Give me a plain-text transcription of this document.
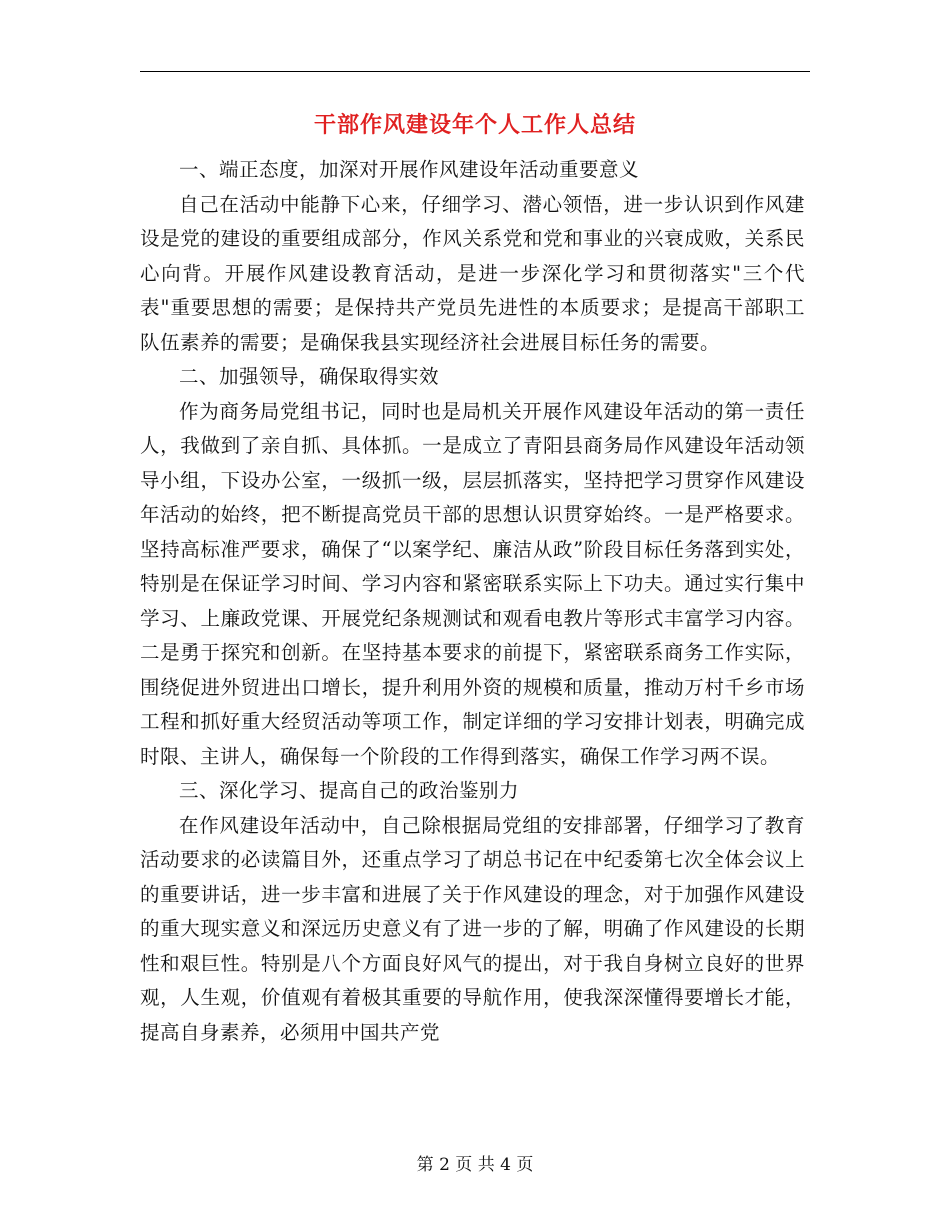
干部作风建设年个人工作人总结

一、端正态度，加深对开展作风建设年活动重要意义

自己在活动中能静下心来，仔细学习、潜心领悟，进一步认识到作风建设是党的建设的重要组成部分，作风关系党和党和事业的兴衰成败，关系民心向背。开展作风建设教育活动，是进一步深化学习和贯彻落实"三个代表"重要思想的需要；是保持共产党员先进性的本质要求；是提高干部职工队伍素养的需要；是确保我县实现经济社会进展目标任务的需要。

二、加强领导，确保取得实效

作为商务局党组书记，同时也是局机关开展作风建设年活动的第一责任人，我做到了亲自抓、具体抓。一是成立了青阳县商务局作风建设年活动领导小组，下设办公室，一级抓一级，层层抓落实，坚持把学习贯穿作风建设年活动的始终，把不断提高党员干部的思想认识贯穿始终。一是严格要求。坚持高标准严要求，确保了“以案学纪、廉洁从政”阶段目标任务落到实处，特别是在保证学习时间、学习内容和紧密联系实际上下功夫。通过实行集中学习、上廉政党课、开展党纪条规测试和观看电教片等形式丰富学习内容。二是勇于探究和创新。在坚持基本要求的前提下，紧密联系商务工作实际，围绕促进外贸进出口增长，提升利用外资的规模和质量，推动万村千乡市场工程和抓好重大经贸活动等项工作，制定详细的学习安排计划表，明确完成时限、主讲人，确保每一个阶段的工作得到落实，确保工作学习两不误。

三、深化学习、提高自己的政治鉴别力

在作风建设年活动中，自己除根据局党组的安排部署，仔细学习了教育活动要求的必读篇目外，还重点学习了胡总书记在中纪委第七次全体会议上的重要讲话，进一步丰富和进展了关于作风建设的理念，对于加强作风建设的重大现实意义和深远历史意义有了进一步的了解，明确了作风建设的长期性和艰巨性。特别是八个方面良好风气的提出，对于我自身树立良好的世界观，人生观，价值观有着极其重要的导航作用，使我深深懂得要增长才能，提高自身素养，必须用中国共产党

第 2 页 共 4 页
